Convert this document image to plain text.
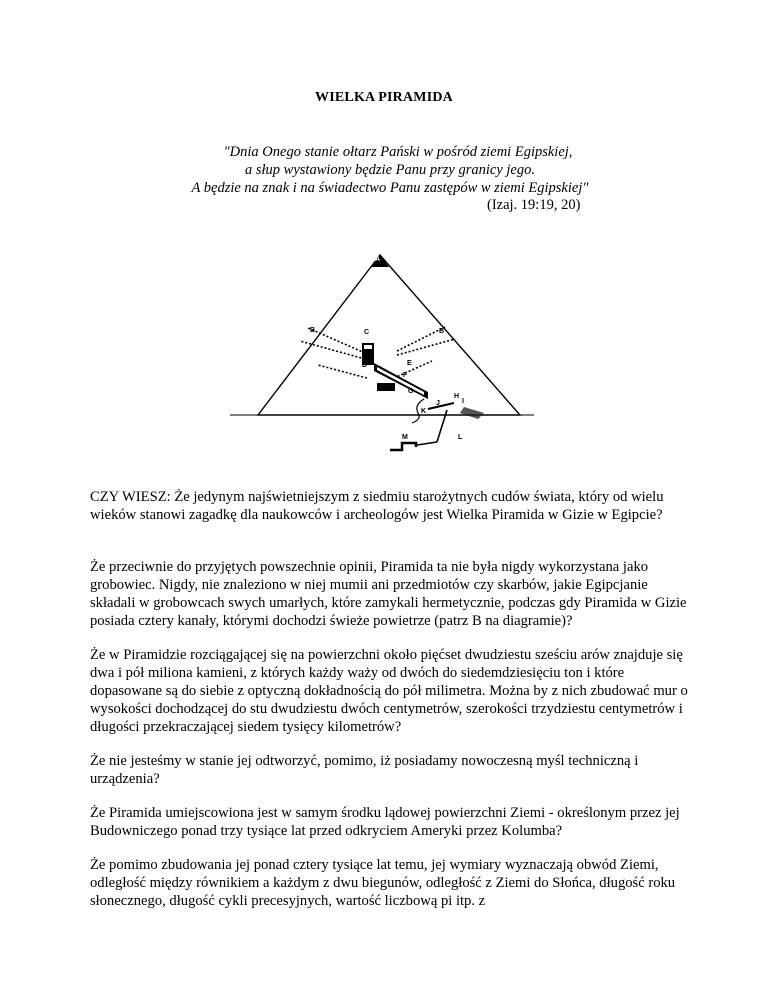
WIELKA PIRAMIDA
"Dnia Onego stanie ołtarz Pański w pośród ziemi Egipskiej,
a słup wystawiony będzie Panu przy granicy jego.
A będzie na znak i na świadectwo Panu zastępów w ziemi Egipskiej"
(Izaj. 19:19, 20)
A
B	C
D
B
E
F
G
H
I
J
K
L
M

CZY WIESZ: Że jedynym najświetniejszym z siedmiu starożytnych cudów świata, który od wielu wieków stanowi zagadkę dla naukowców i archeologów jest Wielka Piramida w Gizie w Egipcie?

Że przeciwnie do przyjętych powszechnie opinii, Piramida ta nie była nigdy wykorzystana jako grobowiec. Nigdy, nie znaleziono w niej mumii ani przedmiotów czy skarbów, jakie Egipcjanie składali w grobowcach swych umarłych, które zamykali hermetycznie, podczas gdy Piramida w Gizie posiada cztery kanały, którymi dochodzi świeże powietrze (patrz B na diagramie)?

Że w Piramidzie rozciągającej się na powierzchni około pięćset dwudziestu sześciu arów znajduje się dwa i pół miliona kamieni, z których każdy waży od dwóch do siedemdziesięciu ton i które dopasowane są do siebie z optyczną dokładnością do pół milimetra. Można by z nich zbudować mur o wysokości dochodzącej do stu dwudziestu dwóch centymetrów, szerokości trzydziestu centymetrów i długości przekraczającej siedem tysięcy kilometrów?

Że nie jesteśmy w stanie jej odtworzyć, pomimo, iż posiadamy nowoczesną myśl techniczną i urządzenia?

Że Piramida umiejscowiona jest w samym środku lądowej powierzchni Ziemi - określonym przez jej Budowniczego ponad trzy tysiące lat przed odkryciem Ameryki przez Kolumba?

Że pomimo zbudowania jej ponad cztery tysiące lat temu, jej wymiary wyznaczają obwód Ziemi, odległość między równikiem a każdym z dwu biegunów, odległość z Ziemi do Słońca, długość roku słonecznego, długość cykli precesyjnych, wartość liczbową pi itp. z
